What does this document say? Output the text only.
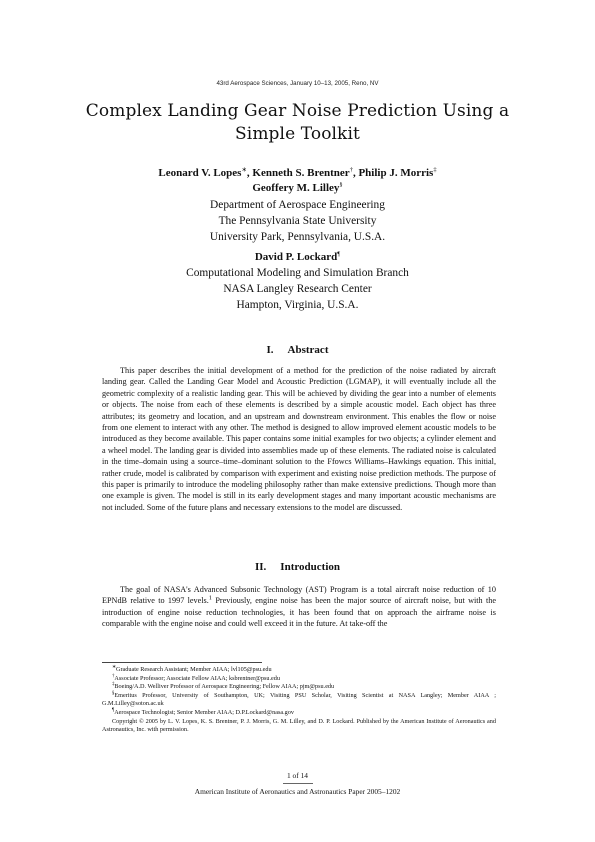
43rd Aerospace Sciences, January 10–13, 2005, Reno, NV
Complex Landing Gear Noise Prediction Using a
Simple Toolkit
Leonard V. Lopes∗, Kenneth S. Brentner†, Philip J. Morris‡
Geoffery M. Lilley§
Department of Aerospace Engineering
The Pennsylvania State University
University Park, Pennsylvania, U.S.A.
David P. Lockard¶
Computational Modeling and Simulation Branch
NASA Langley Research Center
Hampton, Virginia, U.S.A.
I. Abstract
This paper describes the initial development of a method for the prediction of the noise radiated by aircraft landing gear. Called the Landing Gear Model and Acoustic Prediction (LGMAP), it will eventually include all the geometric complexity of a realistic landing gear. This will be achieved by dividing the gear into a number of elements or objects. The noise from each of these elements is described by a simple acoustic model. Each object has three attributes; its geometry and location, and an upstream and downstream environment. This enables the flow or noise from one element to interact with any other. The method is designed to allow improved element acoustic models to be introduced as they become available. This paper contains some initial examples for two objects; a cylinder element and a wheel model. The landing gear is divided into assemblies made up of these elements. The radiated noise is calculated in the time–domain using a source–time–dominant solution to the Ffowcs Williams–Hawkings equation. This initial, rather crude, model is calibrated by comparison with experiment and existing noise prediction methods. The purpose of this paper is primarily to introduce the modeling philosophy rather than make extensive predictions. Though more than one example is given. The model is still in its early development stages and many important acoustic mechanisms are not included. Some of the future plans and necessary extensions to the model are discussed.
II. Introduction
The goal of NASA's Advanced Subsonic Technology (AST) Program is a total aircraft noise reduction of 10 EPNdB relative to 1997 levels.$^1$ Previously, engine noise has been the major source of aircraft noise, but with the introduction of engine noise reduction technologies, it has been found that on approach the airframe noise is comparable with the engine noise and could well exceed it in the future. At take-off the
∗Graduate Research Assistant; Member AIAA; lvl105@psu.edu
†Associate Professor; Associate Fellow AIAA; ksbrentner@psu.edu
‡Boeing/A.D. Welliver Professor of Aerospace Engineering; Fellow AIAA; pjm@psu.edu
§Emeritus Professor, University of Southampton, UK; Visiting PSU Scholar, Visiting Scientist at NASA Langley; Member AIAA ; G.M.Lilley@soton.ac.uk
¶Aerospace Technologist; Senior Member AIAA; D.P.Lockard@nasa.gov
Copyright © 2005 by L. V. Lopes, K. S. Brentner, P. J. Morris, G. M. Lilley, and D. P. Lockard. Published by the American Institute of Aeronautics and Astronautics, Inc. with permission.
1 of 14
American Institute of Aeronautics and Astronautics Paper 2005–1202
